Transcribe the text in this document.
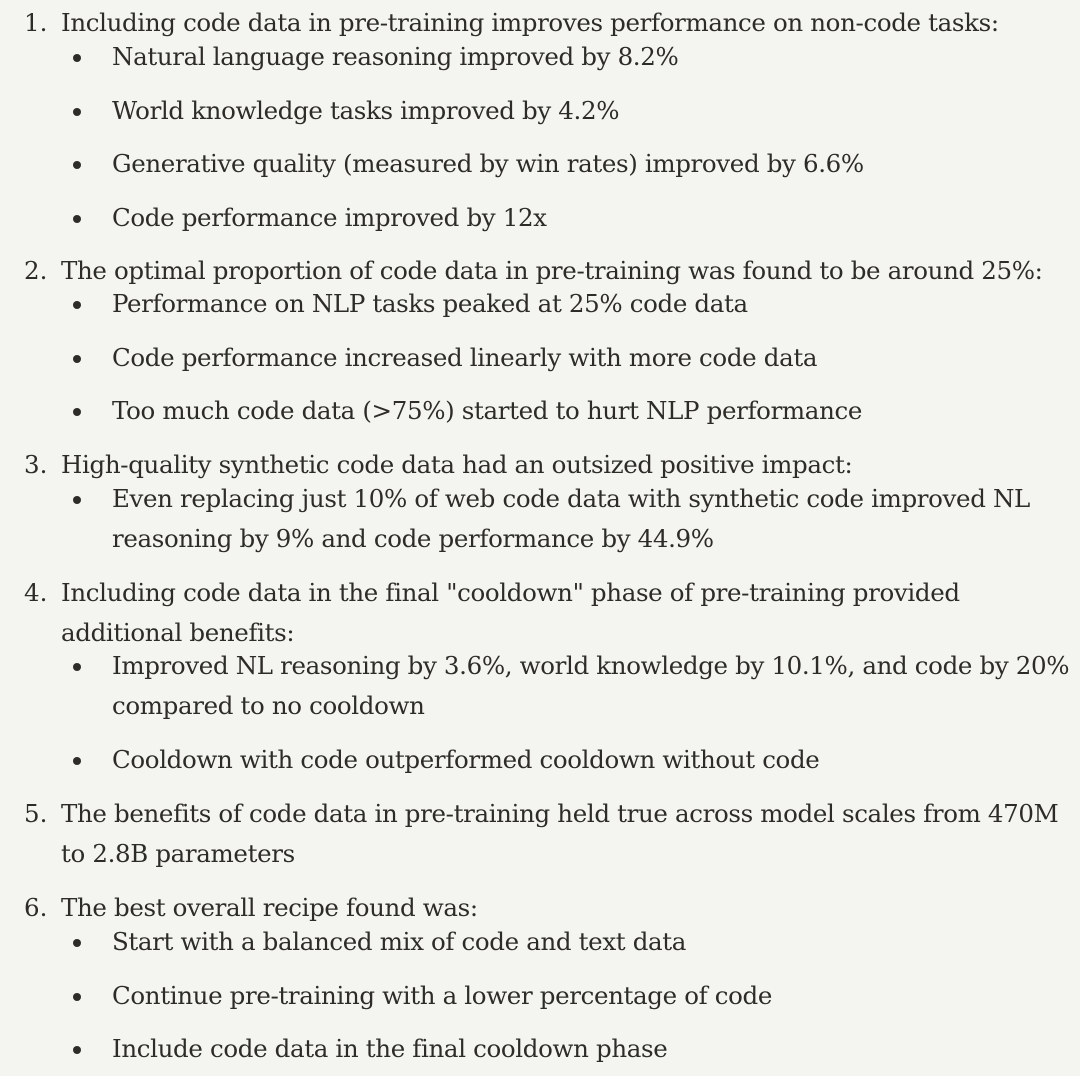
1. Including code data in pre-training improves performance on non-code tasks:
Natural language reasoning improved by 8.2%
World knowledge tasks improved by 4.2%
Generative quality (measured by win rates) improved by 6.6%
Code performance improved by 12x
2. The optimal proportion of code data in pre-training was found to be around 25%:
Performance on NLP tasks peaked at 25% code data
Code performance increased linearly with more code data
Too much code data (>75%) started to hurt NLP performance
3. High-quality synthetic code data had an outsized positive impact:
Even replacing just 10% of web code data with synthetic code improved NL reasoning by 9% and code performance by 44.9%
4. Including code data in the final "cooldown" phase of pre-training provided additional benefits:
Improved NL reasoning by 3.6%, world knowledge by 10.1%, and code by 20% compared to no cooldown
Cooldown with code outperformed cooldown without code
5. The benefits of code data in pre-training held true across model scales from 470M to 2.8B parameters
6. The best overall recipe found was:
Start with a balanced mix of code and text data
Continue pre-training with a lower percentage of code
Include code data in the final cooldown phase
